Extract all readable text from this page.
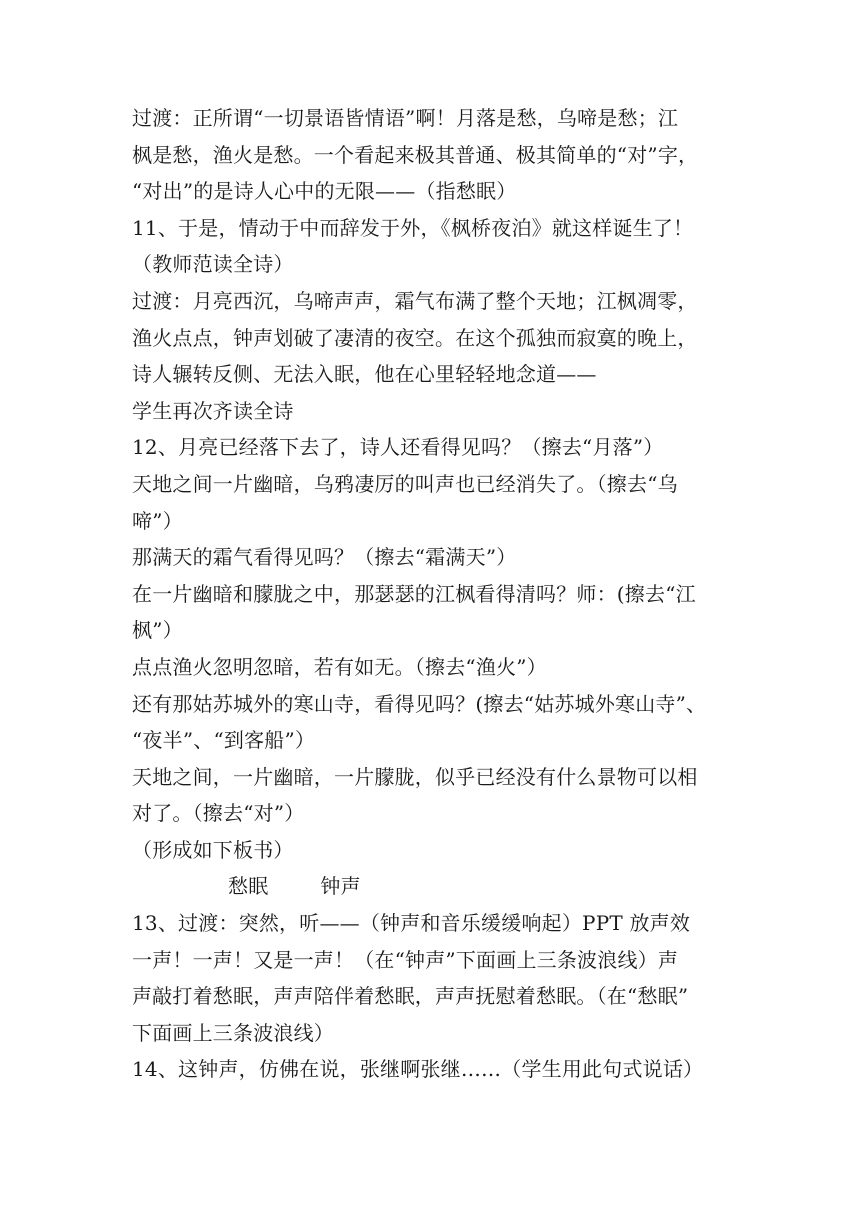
过渡：正所谓“一切景语皆情语”啊！月落是愁，乌啼是愁；江
枫是愁，渔火是愁。一个看起来极其普通、极其简单的“对”字，
“对出”的是诗人心中的无限——（指愁眠）
11、于是，情动于中而辞发于外，《枫桥夜泊》就这样诞生了！
（教师范读全诗）
过渡：月亮西沉，乌啼声声，霜气布满了整个天地；江枫凋零，
渔火点点，钟声划破了凄清的夜空。在这个孤独而寂寞的晚上，
诗人辗转反侧、无法入眠，他在心里轻轻地念道——
学生再次齐读全诗
12、月亮已经落下去了，诗人还看得见吗？（擦去“月落”）
天地之间一片幽暗，乌鸦凄厉的叫声也已经消失了。（擦去“乌
啼”）
那满天的霜气看得见吗？（擦去“霜满天”）
在一片幽暗和朦胧之中，那瑟瑟的江枫看得清吗？师：(擦去“江
枫”）
点点渔火忽明忽暗，若有如无。（擦去“渔火”）
还有那姑苏城外的寒山寺，看得见吗？(擦去“姑苏城外寒山寺”、
“夜半”、“到客船”）
天地之间，一片幽暗，一片朦胧，似乎已经没有什么景物可以相
对了。（擦去“对”）
（形成如下板书）
愁眠	钟声
13、过渡：突然，听——（钟声和音乐缓缓响起）PPT 放声效
一声！一声！又是一声！（在“钟声”下面画上三条波浪线）声
声敲打着愁眠，声声陪伴着愁眠，声声抚慰着愁眠。（在“愁眠”
下面画上三条波浪线）
14、这钟声，仿佛在说，张继啊张继……（学生用此句式说话）
